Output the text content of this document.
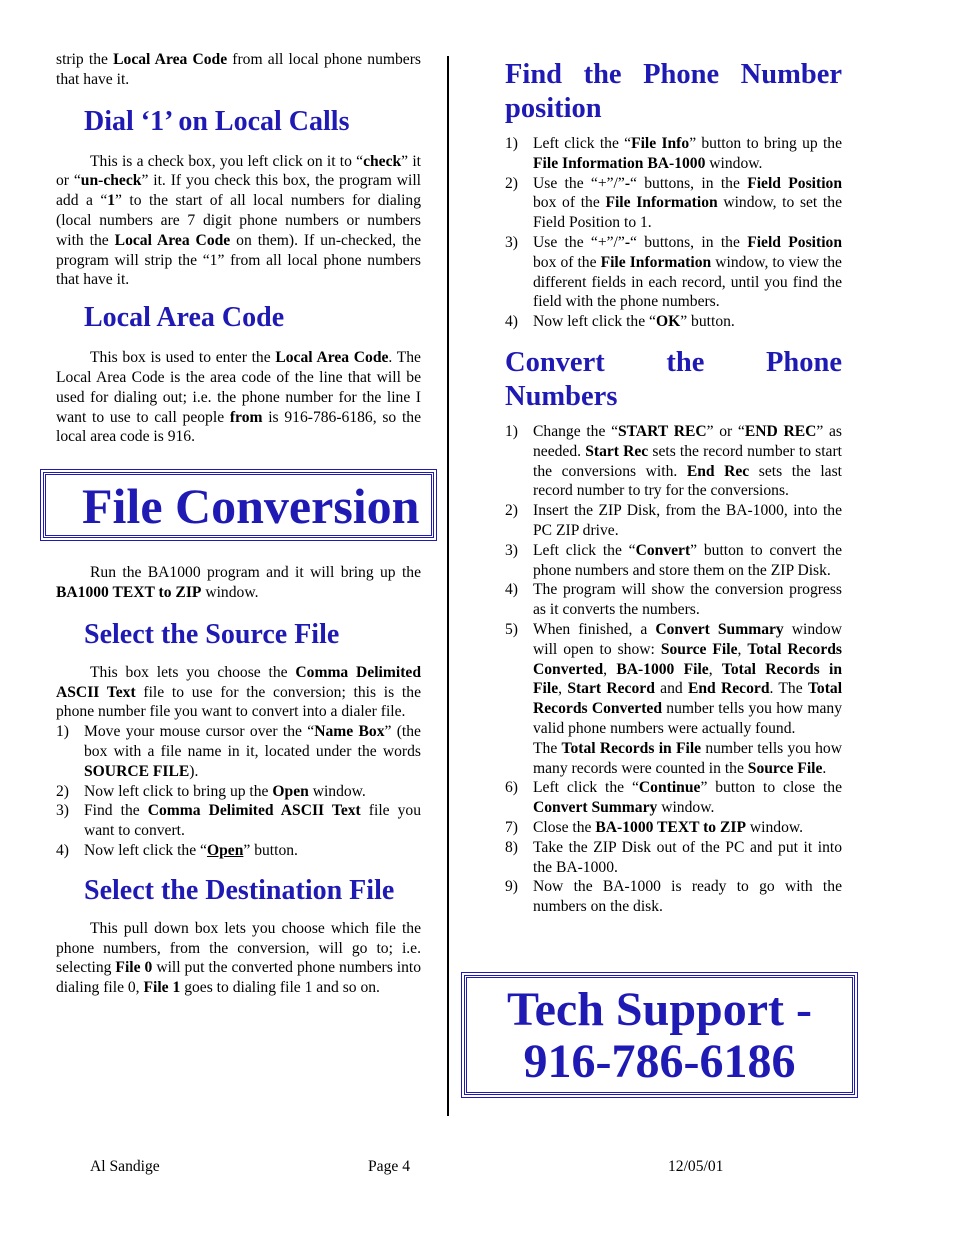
strip the Local Area Code from all local phone numbers that have it.

Dial ‘1’ on Local Calls

This is a check box, you left click on it to “check” it or “un-check” it. If you check this box, the program will add a “1” to the start of all local numbers for dialing (local numbers are 7 digit phone numbers or numbers with the Local Area Code on them). If un-checked, the program will strip the “1” from all local phone numbers that have it.

Local Area Code

This box is used to enter the Local Area Code. The Local Area Code is the area code of the line that will be used for dialing out; i.e. the phone number for the line I want to use to call people from is 916-786-6186, so the local area code is 916.

Run the BA1000 program and it will bring up the BA1000 TEXT to ZIP window.

Select the Source File

This box lets you choose the Comma Delimited ASCII Text file to use for the conversion; this is the phone number file you want to convert into a dialer file.

1) Move your mouse cursor over the “Name Box” (the box with a file name in it, located under the words SOURCE FILE).
2) Now left click to bring up the Open window.
3) Find the Comma Delimited ASCII Text file you want to convert.
4) Now left click the “Open” button.
Select the Destination File

This pull down box lets you choose which file the phone numbers, from the conversion, will go to; i.e. selecting File 0 will put the converted phone numbers into dialing file 0, File 1 goes to dialing file 1 and so on.

File Conversion
Find the Phone Number position
1) Left click the “File Info” button to bring up the File Information BA-1000 window.
2) Use the “+”/”-“ buttons, in the Field Position box of the File Information window, to set the Field Position to 1.
3) Use the “+”/”-“ buttons, in the Field Position box of the File Information window, to view the different fields in each record, until you find the field with the phone numbers.
4) Now left click the “OK” button.
Convert the Phone Numbers
1) Change the “START REC” or “END REC” as needed. Start Rec sets the record number to start the conversions with. End Rec sets the last record number to try for the conversions.
2) Insert the ZIP Disk, from the BA-1000, into the PC ZIP drive.
3) Left click the “Convert” button to convert the phone numbers and store them on the ZIP Disk.
4) The program will show the conversion progress as it converts the numbers.
5) When finished, a Convert Summary window will open to show: Source File, Total Records Converted, BA-1000 File, Total Records in File, Start Record and End Record. The Total Records Converted number tells you how many valid phone numbers were actually found.
The Total Records in File number tells you how many records were counted in the Source File.
6) Left click the “Continue” button to close the Convert Summary window.
7) Close the BA-1000 TEXT to ZIP window.
8) Take the ZIP Disk out of the PC and put it into the BA-1000.
9) Now the BA-1000 is ready to go with the numbers on the disk.
Tech Support -
916-786-6186
Al Sandige	Page 4	12/05/01
